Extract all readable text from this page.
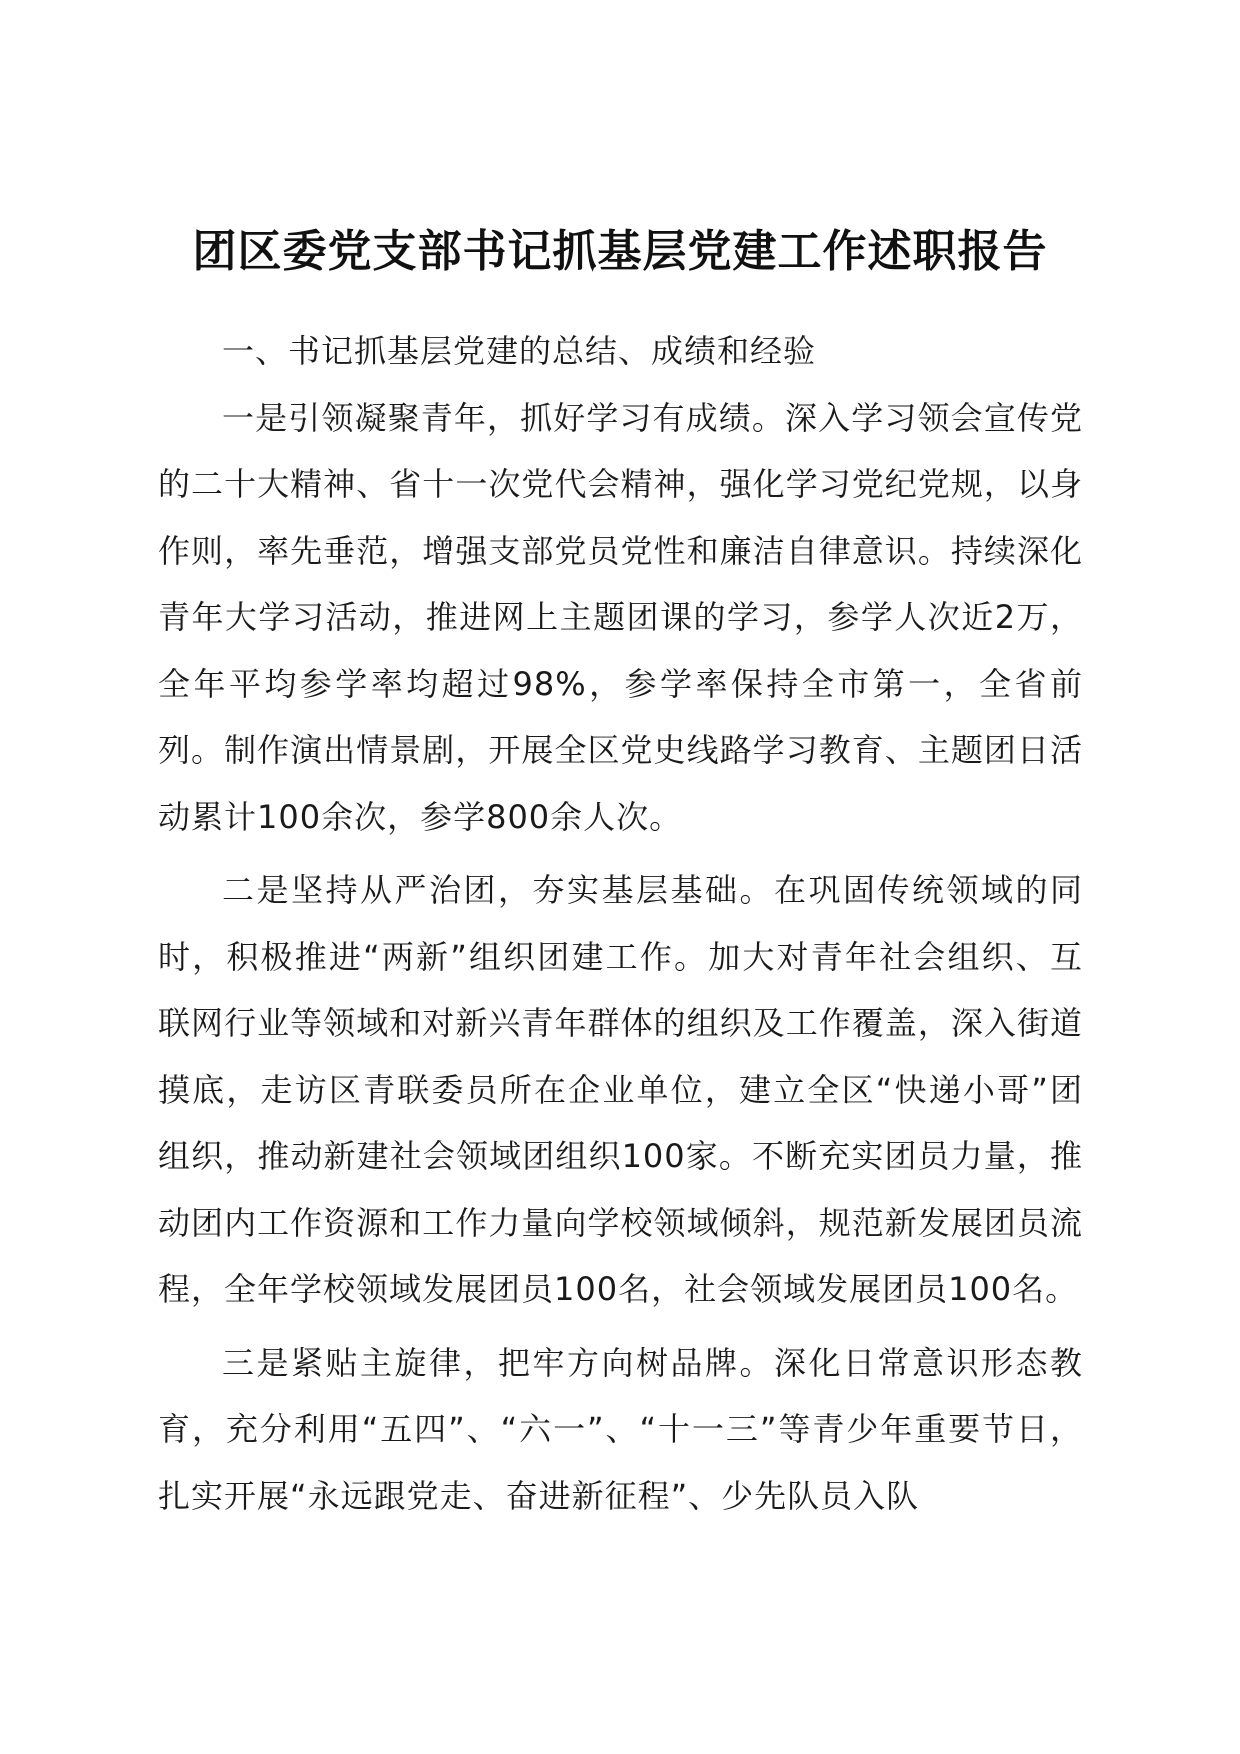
团区委党支部书记抓基层党建工作述职报告

一、书记抓基层党建的总结、成绩和经验

一是引领凝聚青年，抓好学习有成绩。深入学习领会宣传党的二十大精神、省十一次党代会精神，强化学习党纪党规，以身作则，率先垂范，增强支部党员党性和廉洁自律意识。持续深化青年大学习活动，推进网上主题团课的学习，参学人次近2万，全年平均参学率均超过98%，参学率保持全市第一，全省前列。制作演出情景剧，开展全区党史线路学习教育、主题团日活动累计100余次，参学800余人次。

二是坚持从严治团，夯实基层基础。在巩固传统领域的同时，积极推进“两新”组织团建工作。加大对青年社会组织、互联网行业等领域和对新兴青年群体的组织及工作覆盖，深入街道摸底，走访区青联委员所在企业单位，建立全区“快递小哥”团组织，推动新建社会领域团组织100家。不断充实团员力量，推动团内工作资源和工作力量向学校领域倾斜，规范新发展团员流程，全年学校领域发展团员100名，社会领域发展团员100名。

三是紧贴主旋律，把牢方向树品牌。深化日常意识形态教育，充分利用“五四”、“六一”、“十一三”等青少年重要节日，扎实开展“永远跟党走、奋进新征程”、少先队员入队
